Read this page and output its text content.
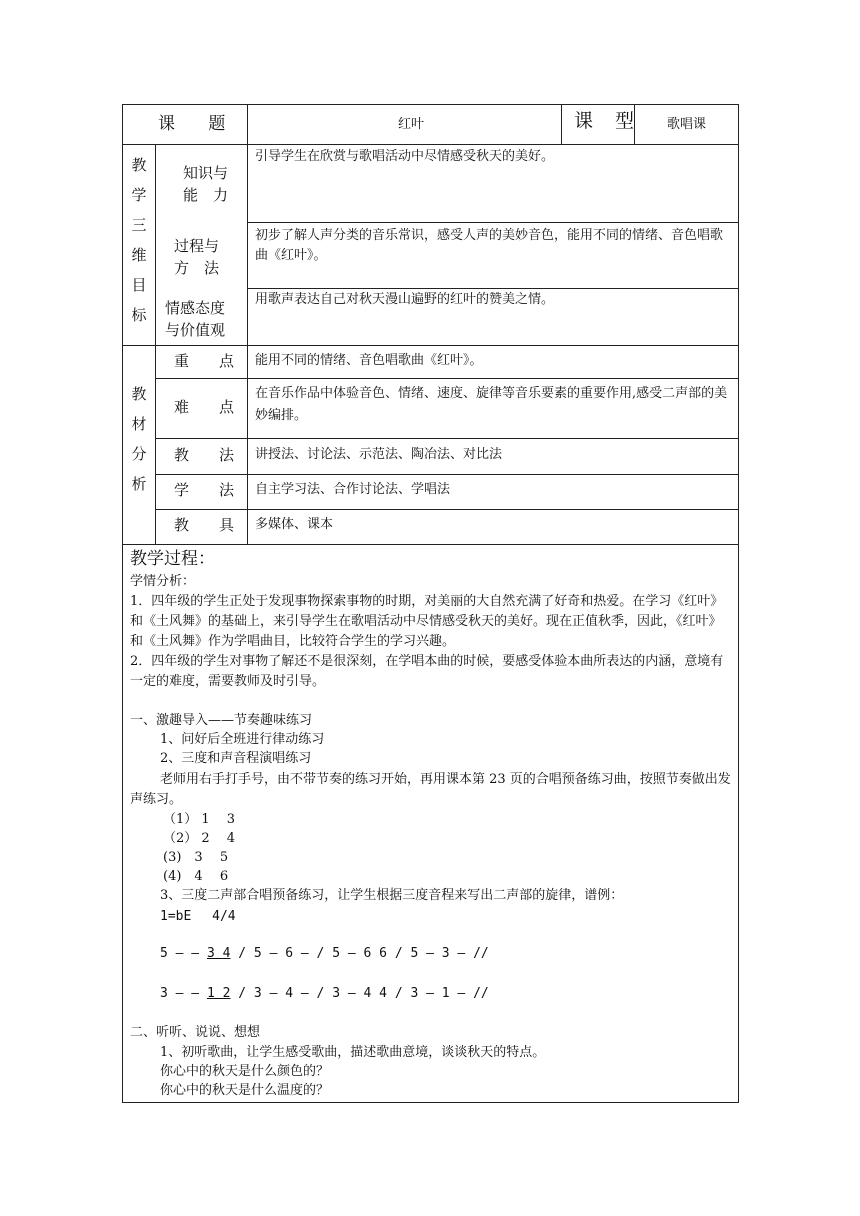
课 题	红叶	课 型 歌唱课
教学三维目标
知识与
能　力
引导学生在欣赏与歌唱活动中尽情感受秋天的美好。
过程与
方　法
初步了解人声分类的音乐常识，感受人声的美妙音色，能用不同的情绪、音色唱歌曲《红叶》。
情感态度
与价值观
用歌声表达自己对秋天漫山遍野的红叶的赞美之情。
教材分析
重　　点 能用不同的情绪、音色唱歌曲《红叶》。
难　　点
在音乐作品中体验音色、情绪、速度、旋律等音乐要素的重要作用,感受二声部的美妙编排。
教　　法 讲授法、讨论法、示范法、陶冶法、对比法
学　　法 自主学习法、合作讨论法、学唱法
教　　具 多媒体、课本
教学过程：
学情分析：
1．四年级的学生正处于发现事物探索事物的时期，对美丽的大自然充满了好奇和热爱。在学习《红叶》和《土风舞》的基础上，来引导学生在歌唱活动中尽情感受秋天的美好。现在正值秋季，因此，《红叶》和《土风舞》作为学唱曲目，比较符合学生的学习兴趣。
2．四年级的学生对事物了解还不是很深刻，在学唱本曲的时候，要感受体验本曲所表达的内涵，意境有一定的难度，需要教师及时引导。
一、激趣导入——节奏趣味练习
1、问好后全班进行律动练习
2、三度和声音程演唱练习
老师用右手打手号，由不带节奏的练习开始，再用课本第 23 页的合唱预备练习曲，按照节奏做出发声练习。
（1） 1　 3
（2） 2　 4
(3)　3　 5
(4)　4　 6
3、三度二声部合唱预备练习，让学生根据三度音程来写出二声部的旋律，谱例：
1=bE　 4/4
5 — — 3 4 / 5 — 6 — / 5 — 6 6 / 5 — 3 — //
3 — — 1 2 / 3 — 4 — / 3 — 4 4 / 3 — 1 — //
二、听听、说说、想想
1、初听歌曲，让学生感受歌曲，描述歌曲意境，谈谈秋天的特点。
你心中的秋天是什么颜色的？
你心中的秋天是什么温度的？
